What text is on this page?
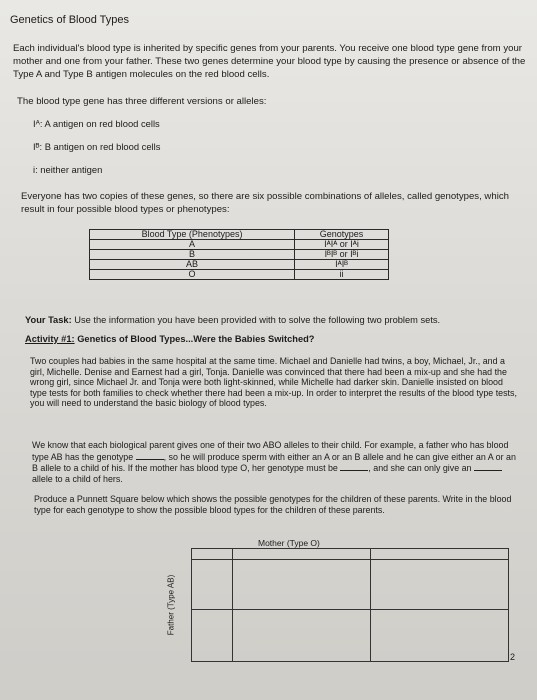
Genetics of Blood Types
Each individual's blood type is inherited by specific genes from your parents. You receive one blood type gene from your mother and one from your father. These two genes determine your blood type by causing the presence or absence of the Type A and Type B antigen molecules on the red blood cells.
The blood type gene has three different versions or alleles:
Iᴬ: A antigen on red blood cells
Iᴮ: B antigen on red blood cells
i: neither antigen
Everyone has two copies of these genes, so there are six possible combinations of alleles, called genotypes, which result in four possible blood types or phenotypes:
Blood Type (Phenotypes)	Genotypes
A	IᴬIᴬ or Iᴬi
B	IᴮIᴮ or Iᴮi
AB	IᴬIᴮ
O	ii
Your Task: Use the information you have been provided with to solve the following two problem sets.
Activity #1: Genetics of Blood Types...Were the Babies Switched?
Two couples had babies in the same hospital at the same time. Michael and Danielle had twins, a boy, Michael, Jr., and a girl, Michelle. Denise and Earnest had a girl, Tonja. Danielle was convinced that there had been a mix-up and she had the wrong girl, since Michael Jr. and Tonja were both light-skinned, while Michelle had darker skin. Danielle insisted on blood type tests for both families to check whether there had been a mix-up. In order to interpret the results of the blood type tests, you will need to understand the basic biology of blood types.
We know that each biological parent gives one of their two ABO alleles to their child. For example, a father who has blood type AB has the genotype	, so he will produce sperm with either an A or an B allele and he can give either an A or an B allele to a child of his. If the mother has blood type O, her genotype must be	, and she can only give an  allele to a child of hers.
Produce a Punnett Square below which shows the possible genotypes for the children of these parents. Write in the blood type for each genotype to show the possible blood types for the children of these parents.
Mother (Type O)
Father (Type AB)
2
